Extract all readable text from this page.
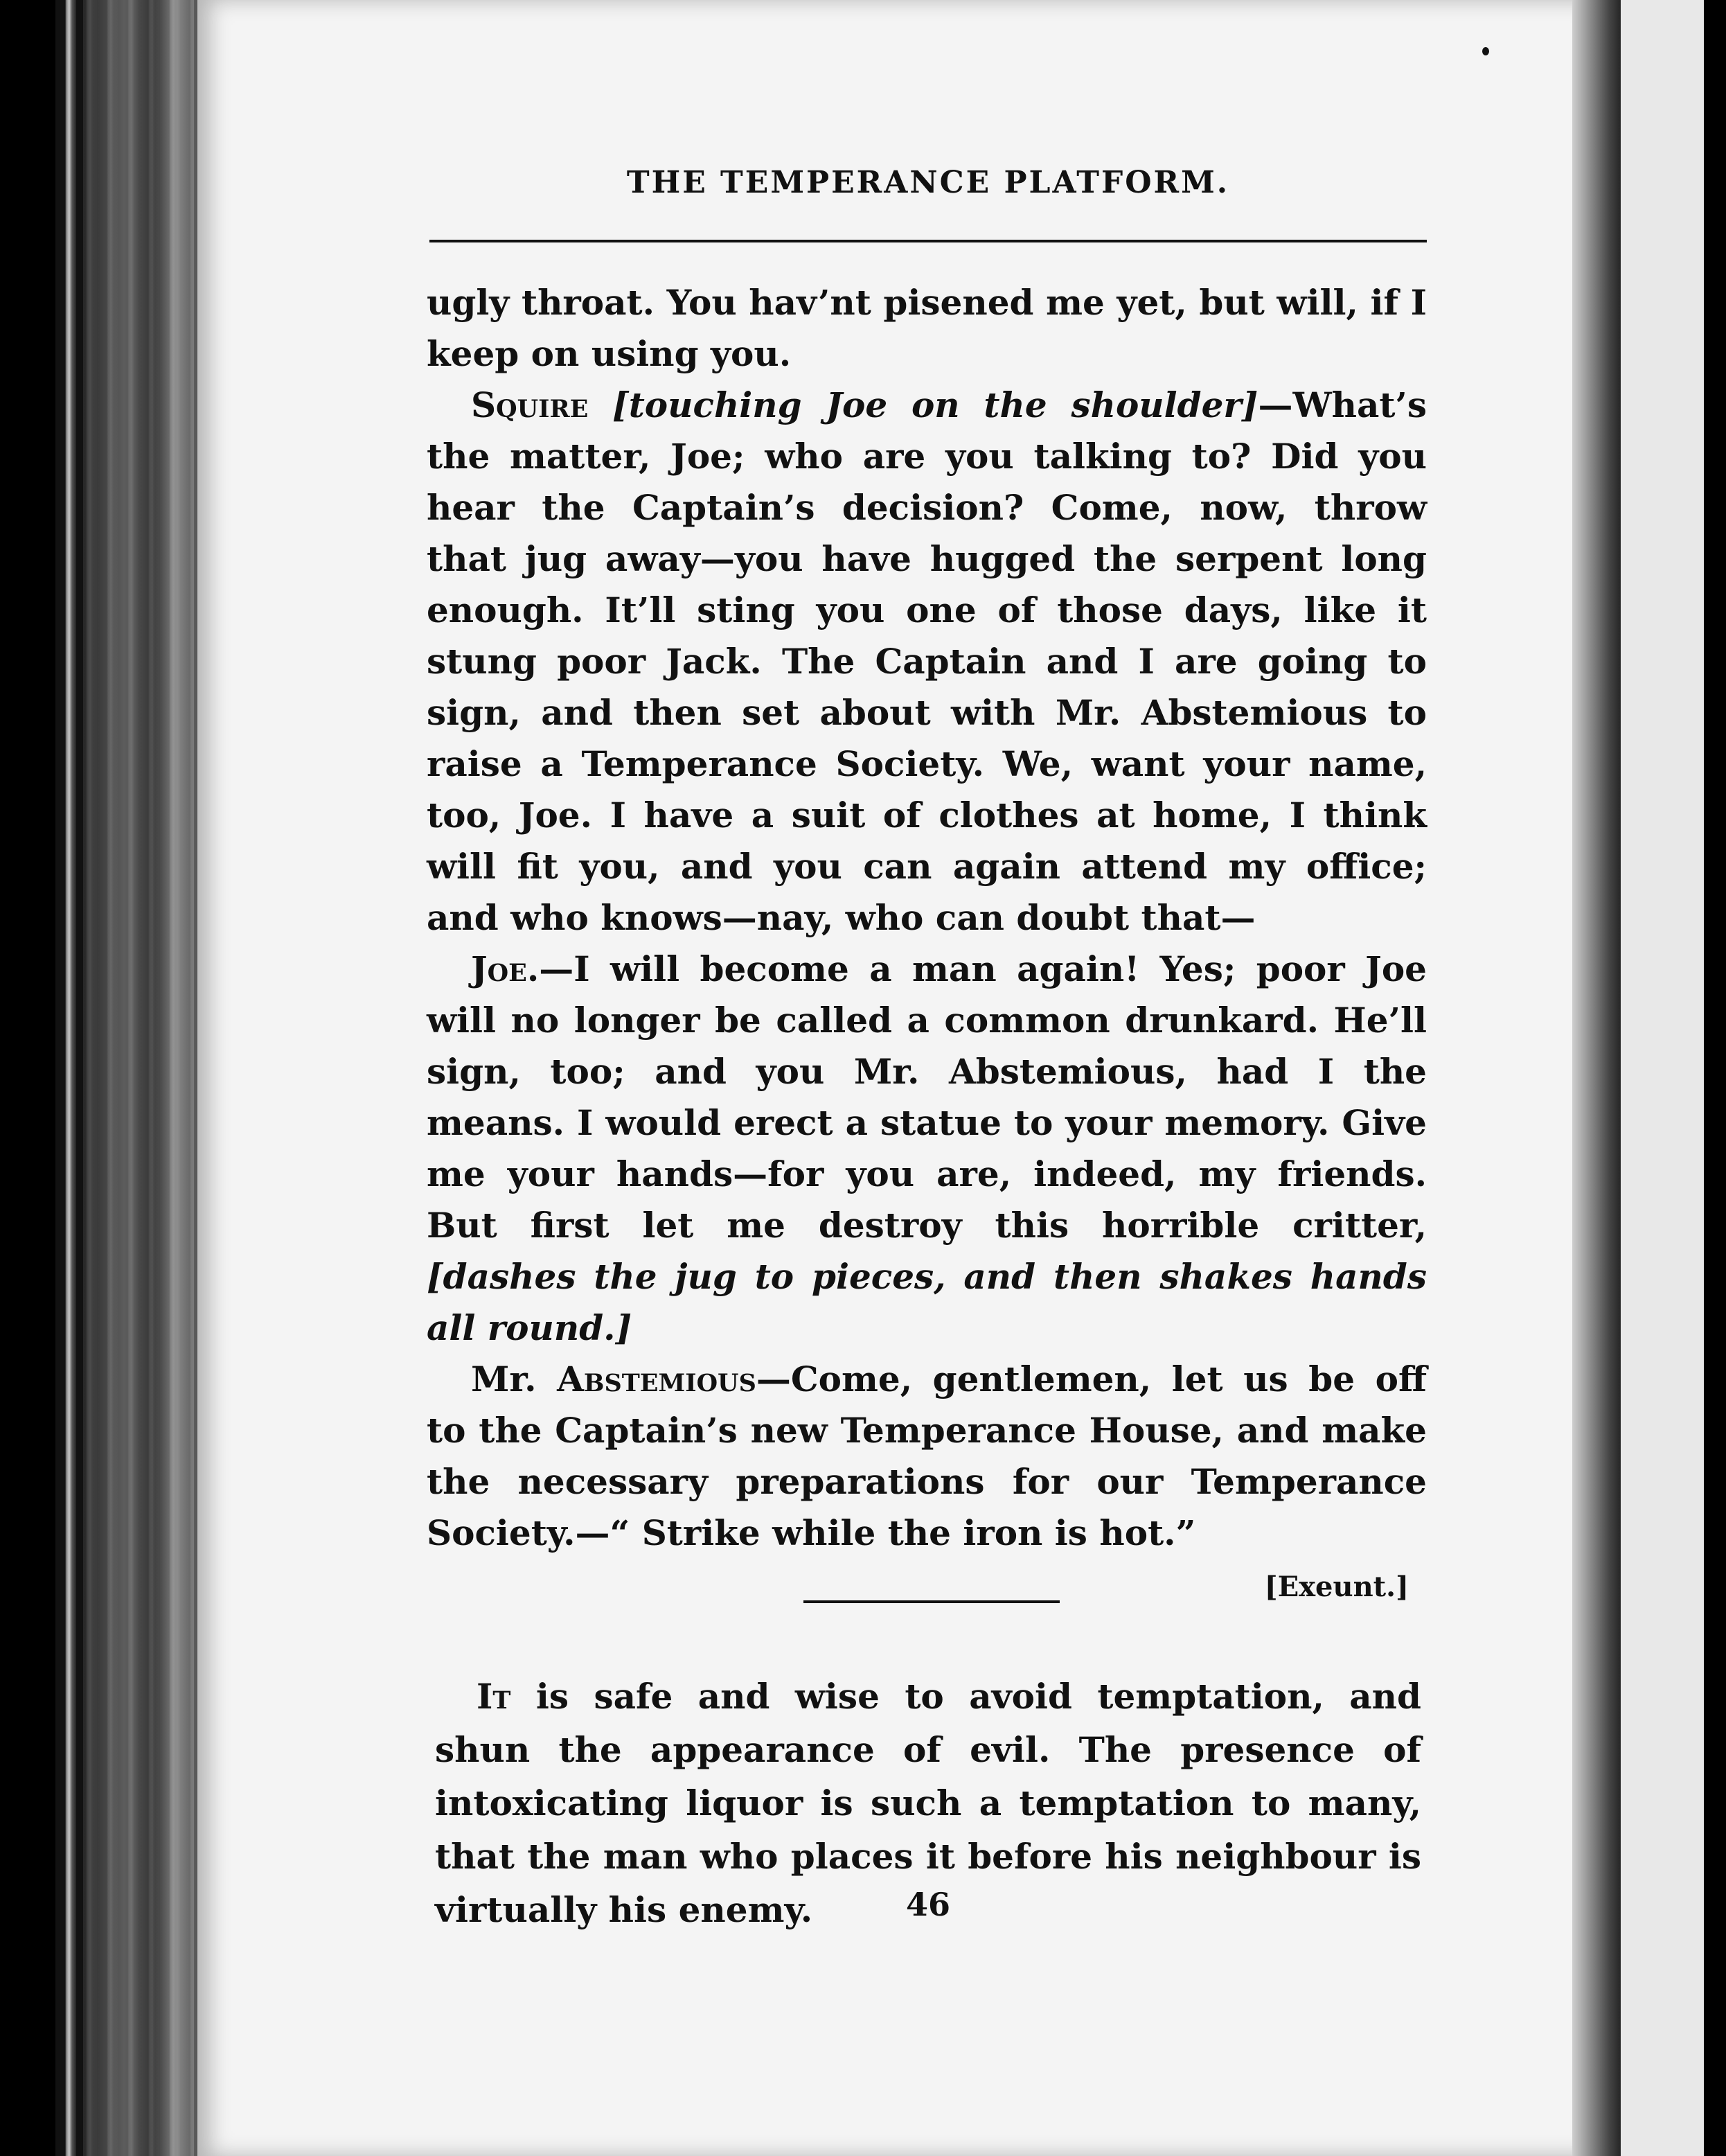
THE TEMPERANCE PLATFORM.

ugly throat. You hav’nt pisened me yet, but will, if I keep on using you.

Squire [touching Joe on the shoulder]—What’s the matter, Joe; who are you talking to? Did you hear the Captain’s decision? Come, now, throw that jug away—you have hugged the serpent long enough. It’ll sting you one of those days, like it stung poor Jack. The Captain and I are going to sign, and then set about with Mr. Abstemious to raise a Temperance Society. We, want your name, too, Joe. I have a suit of clothes at home, I think will fit you, and you can again attend my office; and who knows—nay, who can doubt that—

Joe.—I will become a man again! Yes; poor Joe will no longer be called a common drunkard. He’ll sign, too; and you Mr. Abstemious, had I the means. I would erect a statue to your memory. Give me your hands—for you are, indeed, my friends. But first let me destroy this horrible critter, [dashes the jug to pieces, and then shakes hands all round.]

Mr. Abstemious—Come, gentlemen, let us be off to the Captain’s new Temperance House, and make the necessary preparations for our Temperance Society.—“ Strike while the iron is hot.”

[Exeunt.]

It is safe and wise to avoid temptation, and shun the appearance of evil. The presence of intoxicating liquor is such a temptation to many, that the man who places it before his neighbour is virtually his enemy.	46
